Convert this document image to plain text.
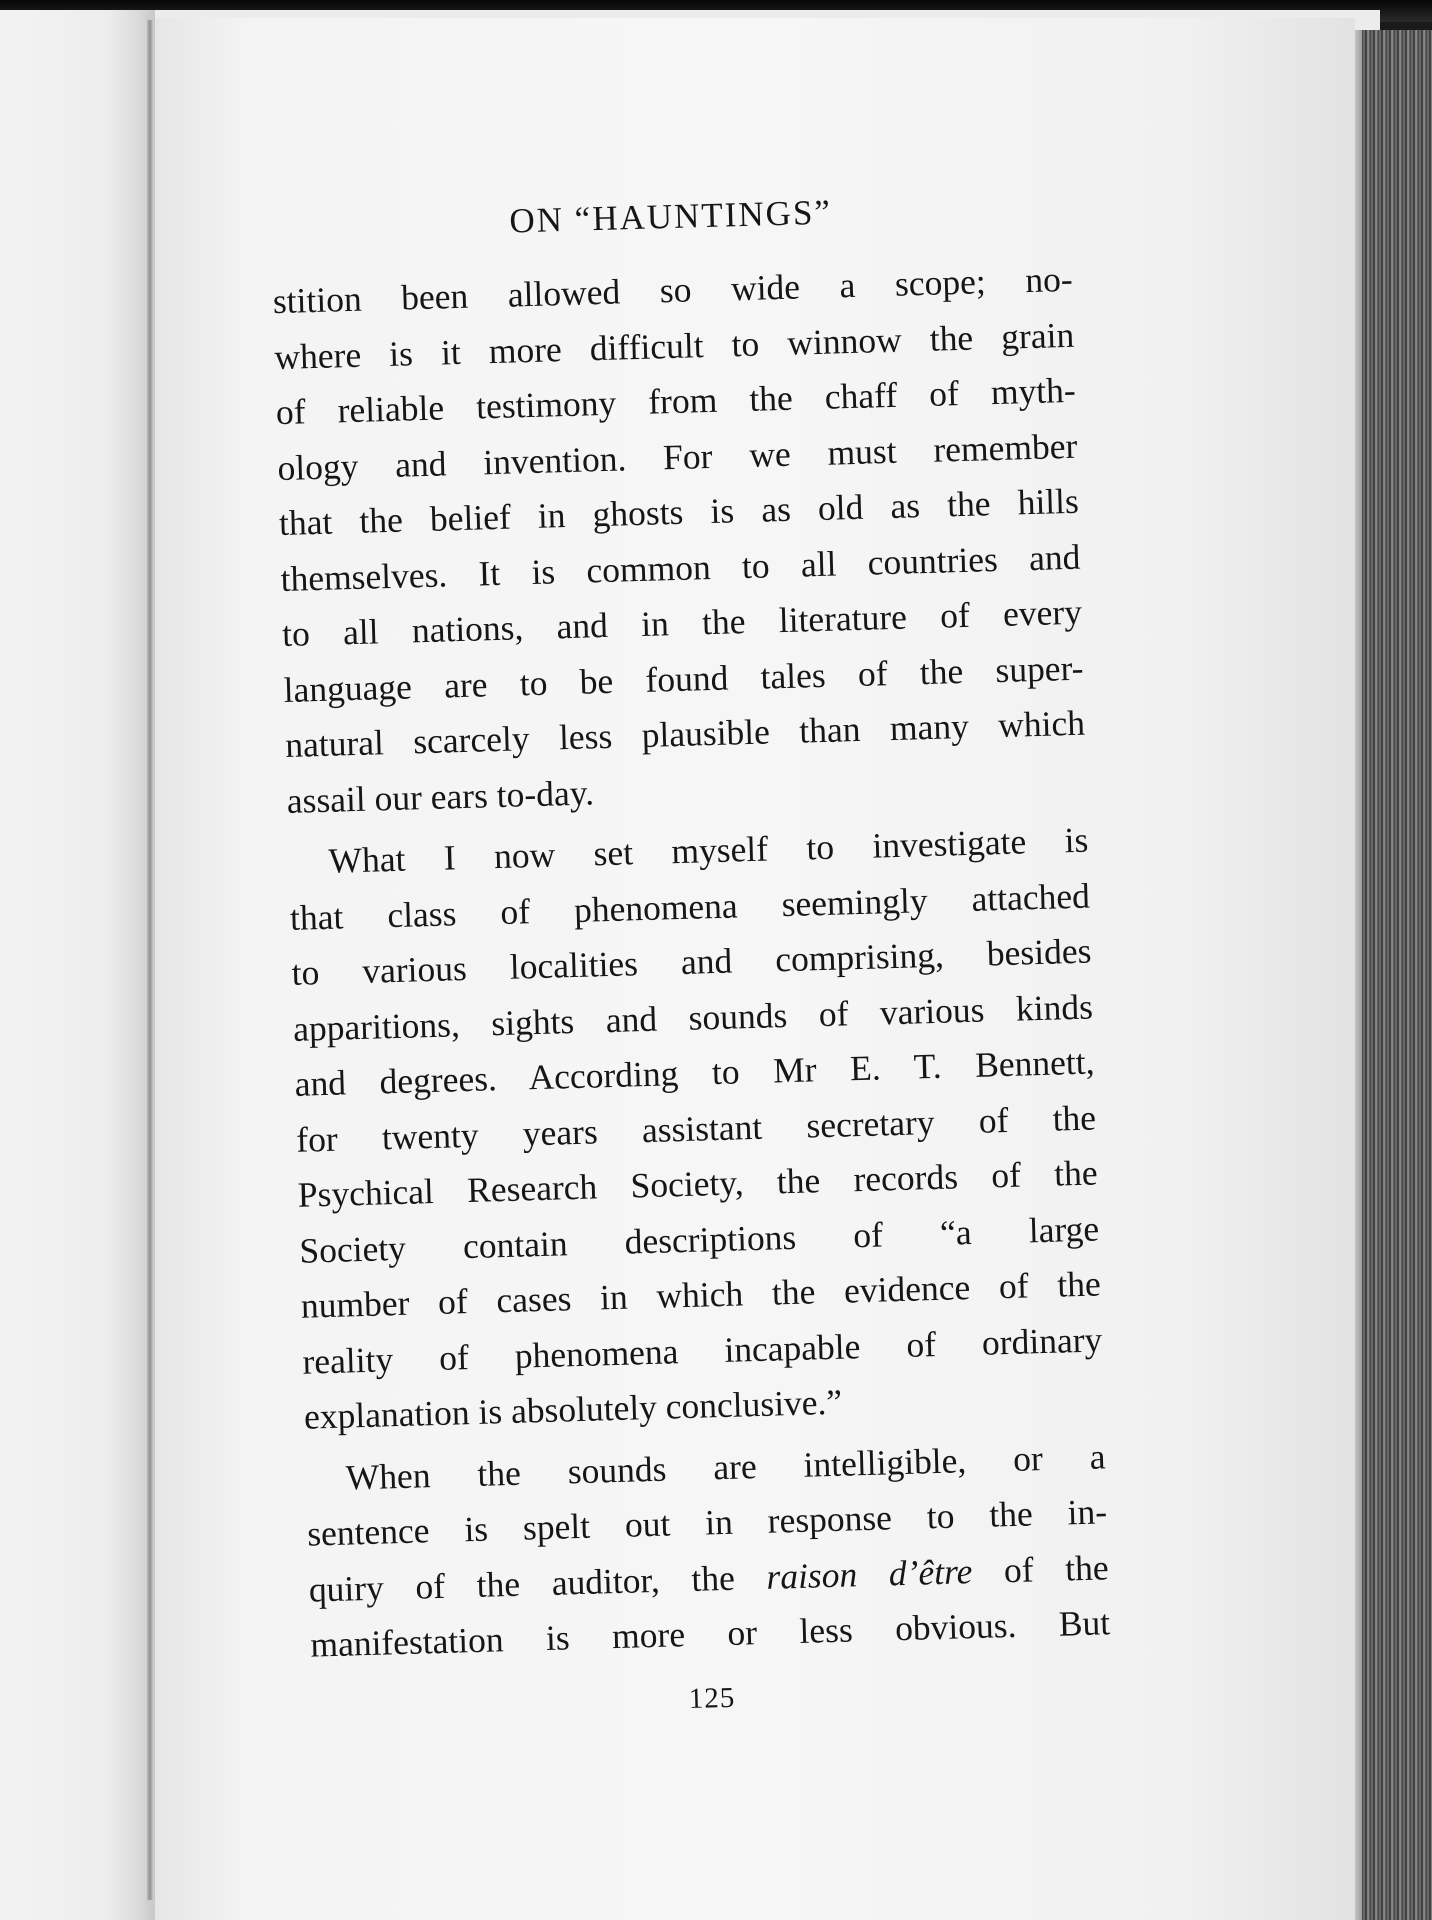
ON “HAUNTINGS”
stition been allowed so wide a scope; no-
where is it more difficult to winnow the grain
of reliable testimony from the chaff of myth-
ology and invention. For we must remember
that the belief in ghosts is as old as the hills
themselves. It is common to all countries and
to all nations, and in the literature of every
language are to be found tales of the super-
natural scarcely less plausible than many which
assail our ears to-day.
What I now set myself to investigate is
that class of phenomena seemingly attached
to various localities and comprising, besides
apparitions, sights and sounds of various kinds
and degrees. According to Mr E. T. Bennett,
for twenty years assistant secretary of the
Psychical Research Society, the records of the
Society contain descriptions of “a large
number of cases in which the evidence of the
reality of phenomena incapable of ordinary
explanation is absolutely conclusive.”
When the sounds are intelligible, or a
sentence is spelt out in response to the in-
quiry of the auditor, the raison d’être of the
manifestation is more or less obvious. But
125
